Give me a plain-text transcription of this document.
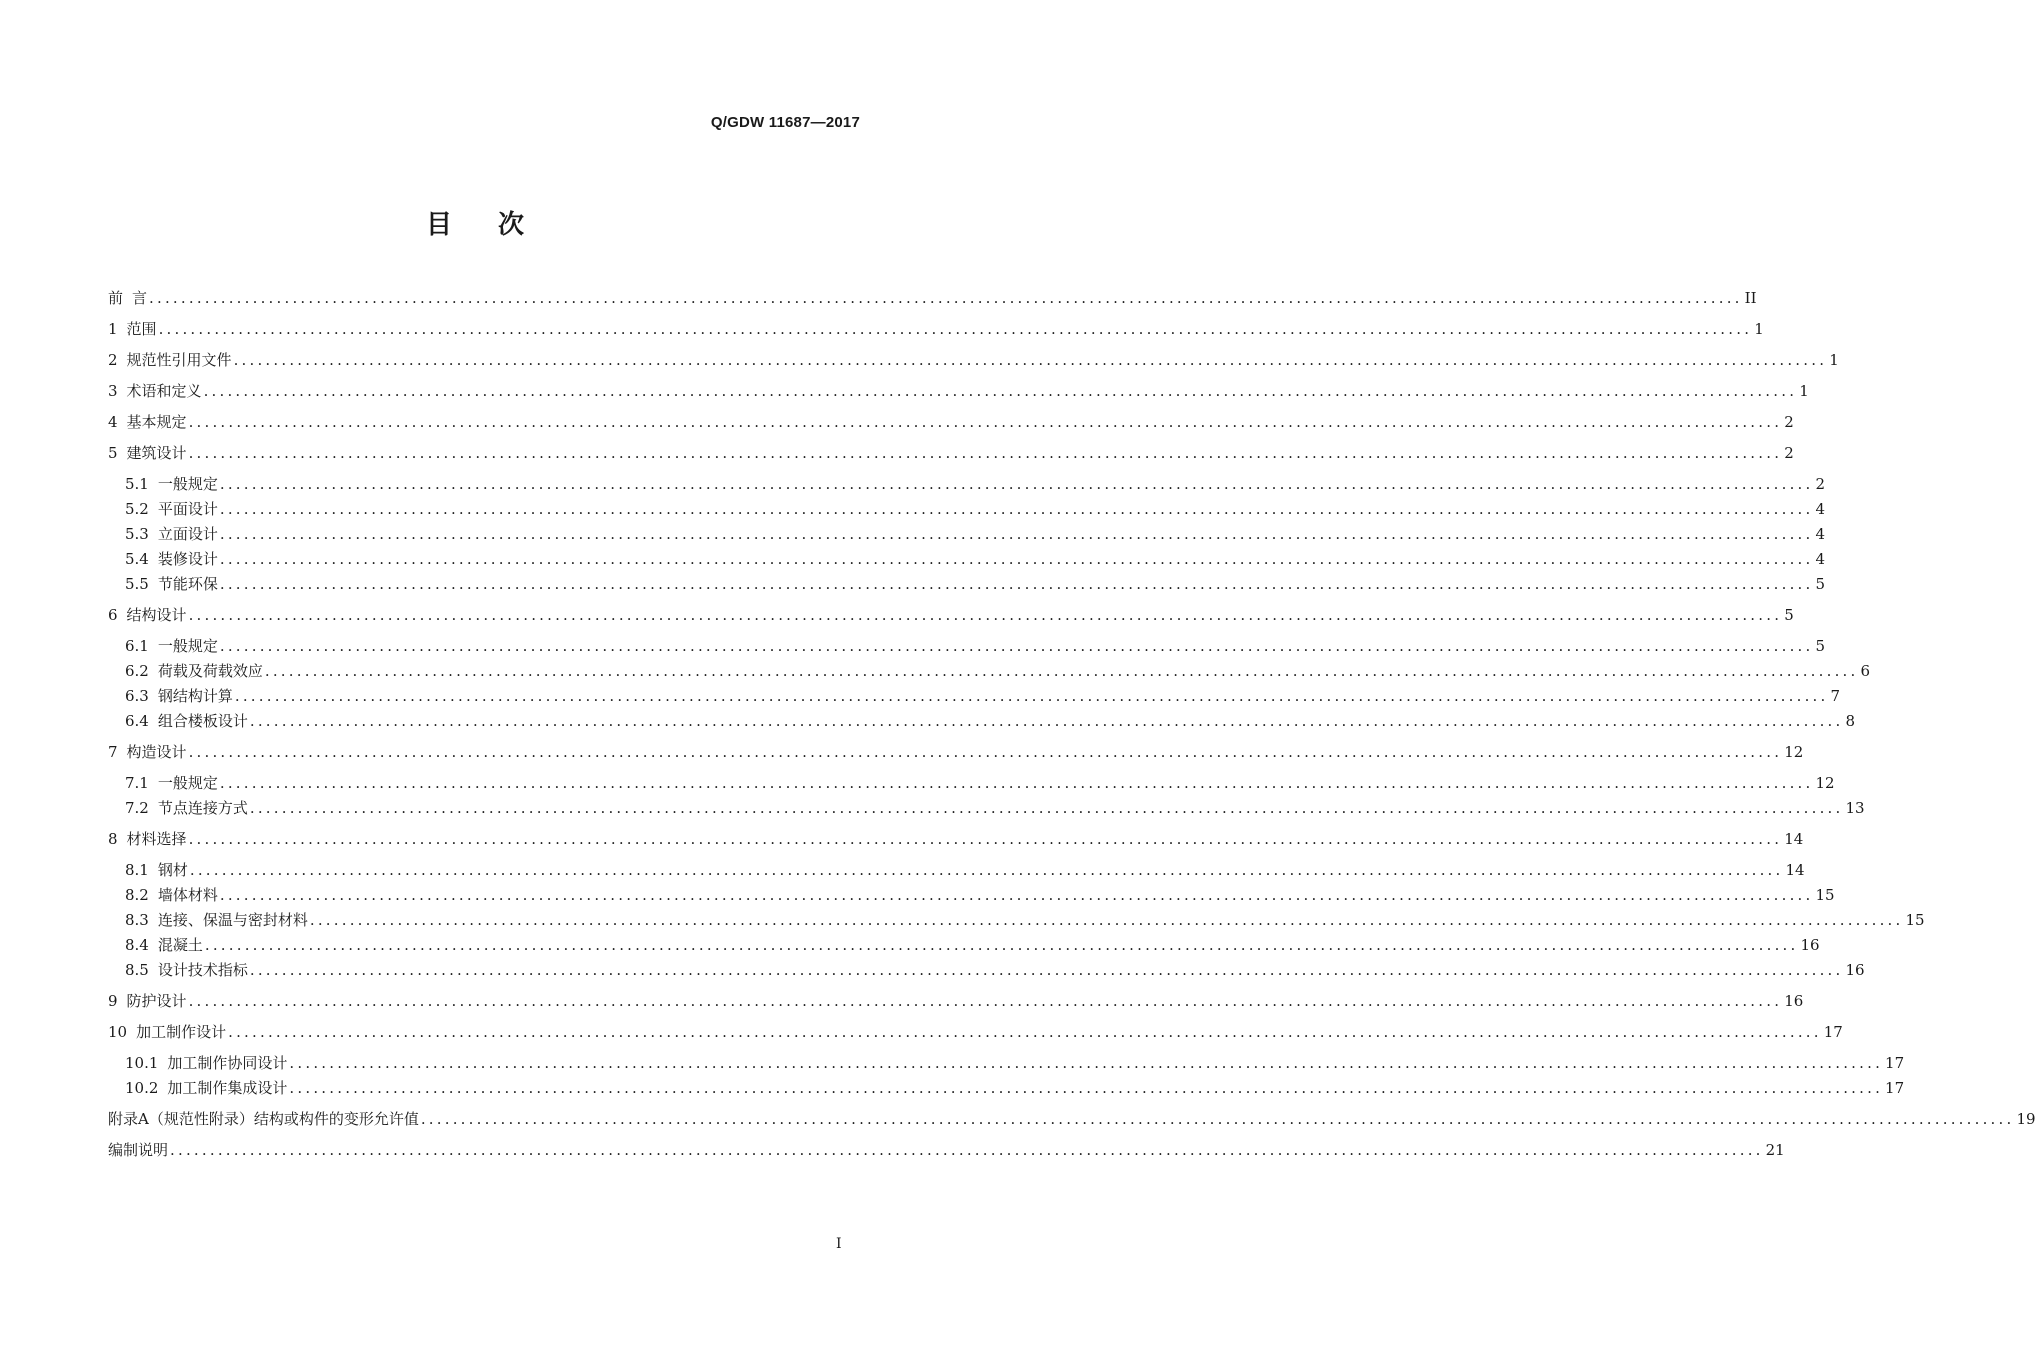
Q/GDW 11687—2017
目 次
前 言 ........................................................................................................................................................................................................ II
1 范围 ........................................................................................................................................................................................................ 1
2 规范性引用文件 ........................................................................................................................................................................................................ 1
3 术语和定义 ........................................................................................................................................................................................................ 1
4 基本规定 ........................................................................................................................................................................................................ 2
5 建筑设计 ........................................................................................................................................................................................................ 2
5.1 一般规定 ........................................................................................................................................................................................................ 2
5.2 平面设计 ........................................................................................................................................................................................................ 4
5.3 立面设计 ........................................................................................................................................................................................................ 4
5.4 装修设计 ........................................................................................................................................................................................................ 4
5.5 节能环保 ........................................................................................................................................................................................................ 5
6 结构设计 ........................................................................................................................................................................................................ 5
6.1 一般规定 ........................................................................................................................................................................................................ 5
6.2 荷载及荷载效应 ........................................................................................................................................................................................................ 6
6.3 钢结构计算 ........................................................................................................................................................................................................ 7
6.4 组合楼板设计 ........................................................................................................................................................................................................ 8
7 构造设计 ........................................................................................................................................................................................................ 12
7.1 一般规定 ........................................................................................................................................................................................................ 12
7.2 节点连接方式 ........................................................................................................................................................................................................ 13
8 材料选择 ........................................................................................................................................................................................................ 14
8.1 钢材 ........................................................................................................................................................................................................ 14
8.2 墙体材料 ........................................................................................................................................................................................................ 15
8.3 连接、保温与密封材料 ........................................................................................................................................................................................................ 15
8.4 混凝土 ........................................................................................................................................................................................................ 16
8.5 设计技术指标 ........................................................................................................................................................................................................ 16
9 防护设计 ........................................................................................................................................................................................................ 16
10 加工制作设计 ........................................................................................................................................................................................................ 17
10.1 加工制作协同设计 ........................................................................................................................................................................................................ 17
10.2 加工制作集成设计 ........................................................................................................................................................................................................ 17
附录A（规范性附录）结构或构件的变形允许值 ........................................................................................................................................................................................................ 19
编制说明 ........................................................................................................................................................................................................ 21
I
